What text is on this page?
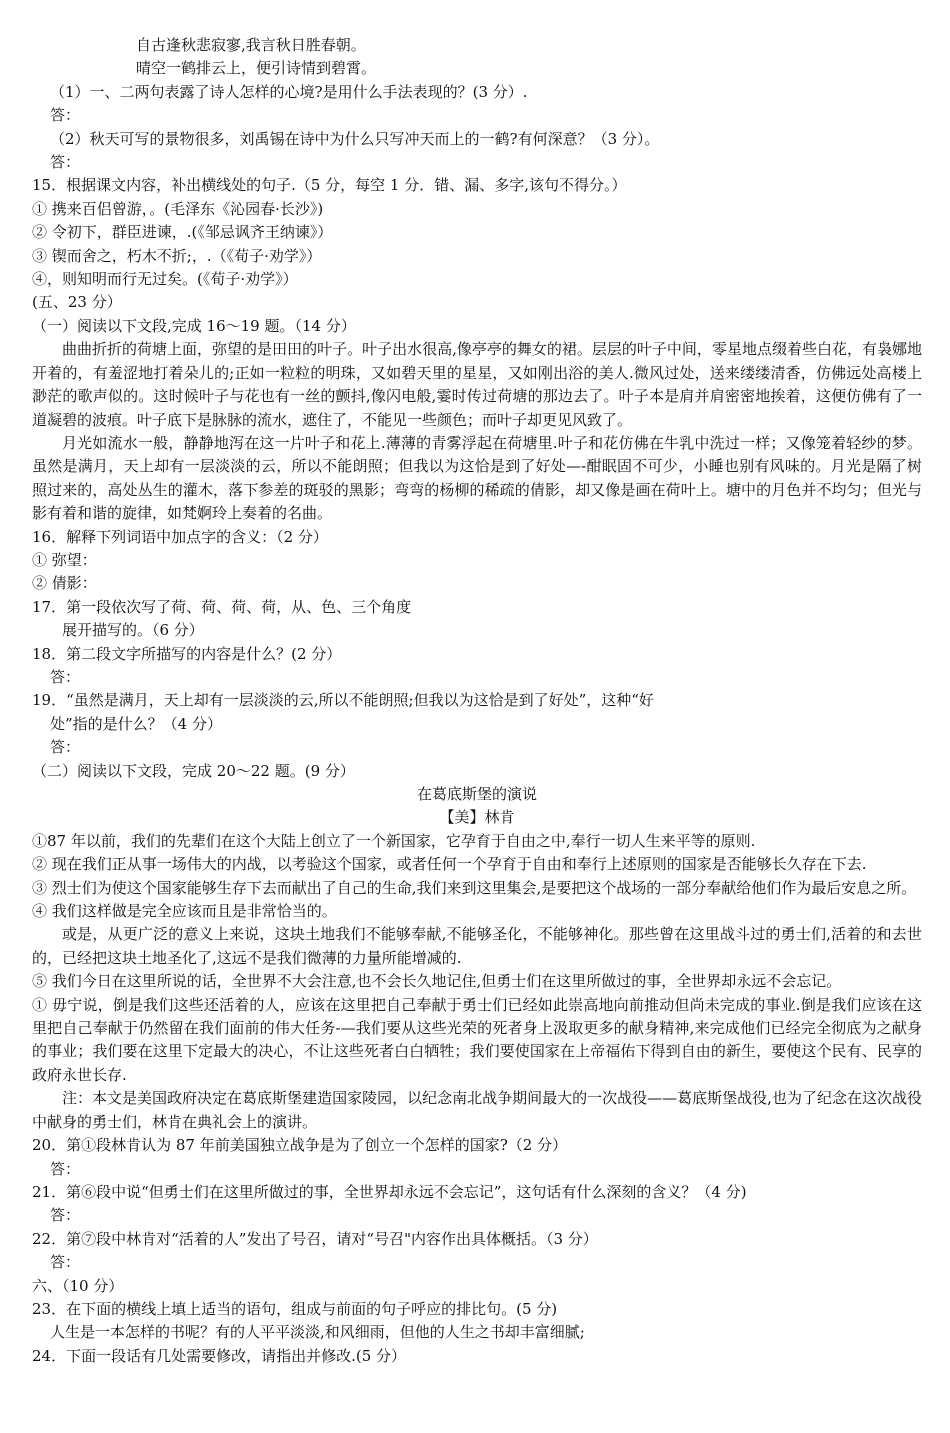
自古逢秋悲寂寥,我言秋日胜春朝。

晴空一鹤排云上，便引诗情到碧霄。

（1）一、二两句表露了诗人怎样的心境?是用什么手法表现的？(3 分）.

答：

（2）秋天可写的景物很多，刘禹锡在诗中为什么只写冲天而上的一鹤?有何深意？（3 分）。

答：

15．根据课文内容，补出横线处的句子.（5 分，每空 1 分．错、漏、多字,该句不得分。）

① 携来百侣曾游，。(毛泽东《沁园春·长沙》)

② 令初下，群臣进谏，.(《邹忌讽齐王纳谏》）

③ 锲而舍之，朽木不折;，.（《荀子·劝学》）

④，则知明而行无过矣。(《荀子·劝学》）

(五、23 分）

（一）阅读以下文段,完成 16～19 题。（14 分）

曲曲折折的荷塘上面，弥望的是田田的叶子。叶子出水很高,像亭亭的舞女的裙。层层的叶子中间，零星地点缀着些白花，有袅娜地开着的，有羞涩地打着朵儿的;正如一粒粒的明珠，又如碧天里的星星，又如刚出浴的美人.微风过处，送来缕缕清香，仿佛远处高楼上渺茫的歌声似的。这时候叶子与花也有一丝的颤抖,像闪电般,霎时传过荷塘的那边去了。叶子本是肩并肩密密地挨着，这便仿佛有了一道凝碧的波痕。叶子底下是脉脉的流水，遮住了，不能见一些颜色；而叶子却更见风致了。

月光如流水一般，静静地泻在这一片叶子和花上.薄薄的青雾浮起在荷塘里.叶子和花仿佛在牛乳中洗过一样；又像笼着轻纱的梦。虽然是满月，天上却有一层淡淡的云，所以不能朗照；但我以为这恰是到了好处—-酣眠固不可少，小睡也别有风味的。月光是隔了树照过来的，高处丛生的灌木，落下参差的斑驳的黑影；弯弯的杨柳的稀疏的倩影，却又像是画在荷叶上。塘中的月色并不均匀；但光与影有着和谐的旋律，如梵婀玲上奏着的名曲。

16．解释下列词语中加点字的含义：（2 分）

① 弥望：

② 倩影：

17．第一段依次写了荷、荷、荷、荷，从、色、三个角度

展开描写的。（6 分）

18．第二段文字所描写的内容是什么？(2 分）

答：

19．“虽然是满月，天上却有一层淡淡的云,所以不能朗照;但我以为这恰是到了好处”，这种“好

处”指的是什么？（4 分）

答：

（二）阅读以下文段，完成 20～22 题。(9 分）

在葛底斯堡的演说

【美】林肯

①87 年以前，我们的先辈们在这个大陆上创立了一个新国家，它孕育于自由之中,奉行一切人生来平等的原则.

② 现在我们正从事一场伟大的内战，以考验这个国家，或者任何一个孕育于自由和奉行上述原则的国家是否能够长久存在下去.

③ 烈士们为使这个国家能够生存下去而献出了自己的生命,我们来到这里集会,是要把这个战场的一部分奉献给他们作为最后安息之所。

④ 我们这样做是完全应该而且是非常恰当的。

或是，从更广泛的意义上来说，这块土地我们不能够奉献,不能够圣化，不能够神化。那些曾在这里战斗过的勇士们,活着的和去世的，已经把这块土地圣化了,这远不是我们微薄的力量所能增减的.

⑤ 我们今日在这里所说的话，全世界不大会注意,也不会长久地记住,但勇士们在这里所做过的事，全世界却永远不会忘记。

① 毋宁说，倒是我们这些还活着的人，应该在这里把自己奉献于勇士们已经如此崇高地向前推动但尚未完成的事业.倒是我们应该在这里把自己奉献于仍然留在我们面前的伟大任务-—我们要从这些光荣的死者身上汲取更多的献身精神,来完成他们已经完全彻底为之献身的事业；我们要在这里下定最大的决心，不让这些死者白白牺牲；我们要使国家在上帝福佑下得到自由的新生，要使这个民有、民享的政府永世长存.

注：本文是美国政府决定在葛底斯堡建造国家陵园，以纪念南北战争期间最大的一次战役——葛底斯堡战役,也为了纪念在这次战役中献身的勇士们，林肯在典礼会上的演讲。

20．第①段林肯认为 87 年前美国独立战争是为了创立一个怎样的国家?（2 分）

答：

21．第⑥段中说“但勇士们在这里所做过的事，全世界却永远不会忘记”，这句话有什么深刻的含义？（4 分)

答：

22．第⑦段中林肯对“活着的人”发出了号召，请对“号召"内容作出具体概括。（3 分）

答：

六、（10 分）

23．在下面的横线上填上适当的语句，组成与前面的句子呼应的排比句。(5 分)

人生是一本怎样的书呢？有的人平平淡淡,和风细雨，但他的人生之书却丰富细腻;

24．下面一段话有几处需要修改，请指出并修改.(5 分）
